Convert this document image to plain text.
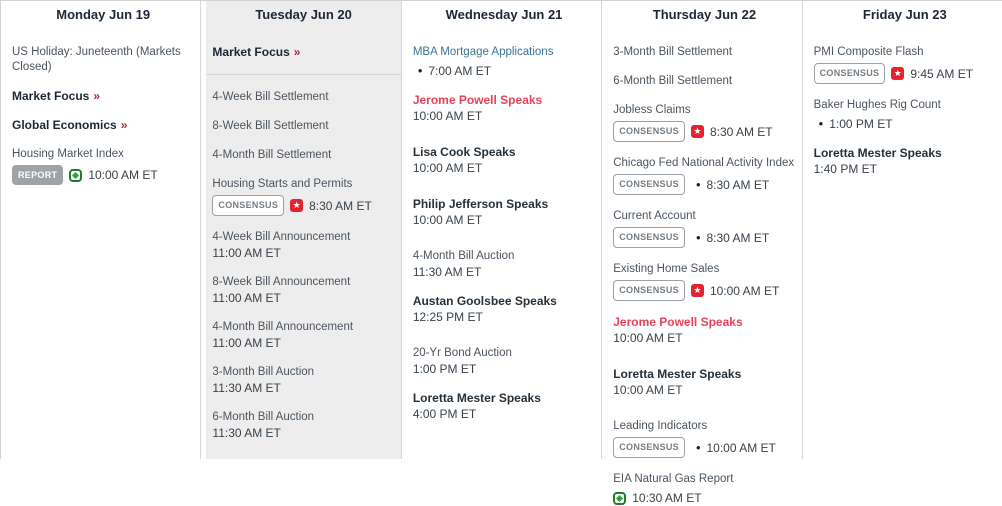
Monday Jun 19
US Holiday: Juneteenth (Markets Closed)
Market Focus »
Global Economics »
Housing Market Index
REPORT	10:00 AM ET
Tuesday Jun 20
Market Focus »
4-Week Bill Settlement
8-Week Bill Settlement
4-Month Bill Settlement
Housing Starts and Permits
CONSENSUS	★ 8:30 AM ET
4-Week Bill Announcement
11:00 AM ET
8-Week Bill Announcement
11:00 AM ET
4-Month Bill Announcement
11:00 AM ET
3-Month Bill Auction
11:30 AM ET
6-Month Bill Auction
11:30 AM ET
Wednesday Jun 21
MBA Mortgage Applications
• 7:00 AM ET
Jerome Powell Speaks
10:00 AM ET
Lisa Cook Speaks
10:00 AM ET
Philip Jefferson Speaks
10:00 AM ET
4-Month Bill Auction
11:30 AM ET
Austan Goolsbee Speaks
12:25 PM ET
20-Yr Bond Auction
1:00 PM ET
Loretta Mester Speaks
4:00 PM ET
Thursday Jun 22
3-Month Bill Settlement
6-Month Bill Settlement
Jobless Claims
CONSENSUS	★ 8:30 AM ET
Chicago Fed National Activity Index
CONSENSUS	• 8:30 AM ET
Current Account
CONSENSUS	• 8:30 AM ET
Existing Home Sales
CONSENSUS	★ 10:00 AM ET
Jerome Powell Speaks
10:00 AM ET
Loretta Mester Speaks
10:00 AM ET
Leading Indicators
CONSENSUS	• 10:00 AM ET
EIA Natural Gas Report
10:30 AM ET
Friday Jun 23
PMI Composite Flash
CONSENSUS	★ 9:45 AM ET
Baker Hughes Rig Count
• 1:00 PM ET
Loretta Mester Speaks
1:40 PM ET
